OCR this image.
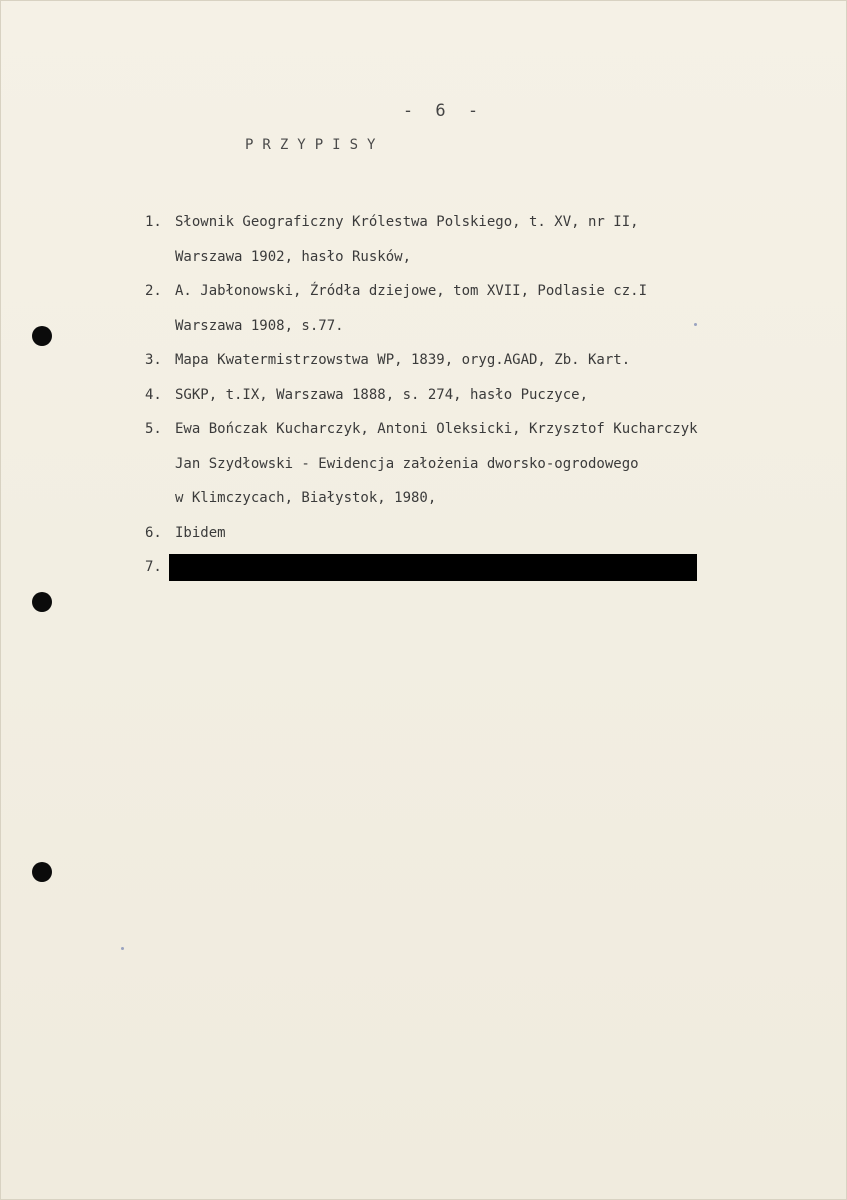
- 6 -
PRZYPISY
1. Słownik Geograficzny Królestwa Polskiego, t. XV, nr II,
Warszawa 1902, hasło Rusków,
2. A. Jabłonowski, Źródła dziejowe, tom XVII, Podlasie cz.I
Warszawa 1908, s.77.
3. Mapa Kwatermistrzowstwa WP, 1839, oryg.AGAD, Zb. Kart.
4. SGKP, t.IX, Warszawa 1888, s. 274, hasło Puczyce,
5. Ewa Bończak Kucharczyk, Antoni Oleksicki, Krzysztof Kucharczyk
Jan Szydłowski - Ewidencja założenia dworsko-ogrodowego
w Klimczycach, Białystok, 1980,
6. Ibidem
7.
